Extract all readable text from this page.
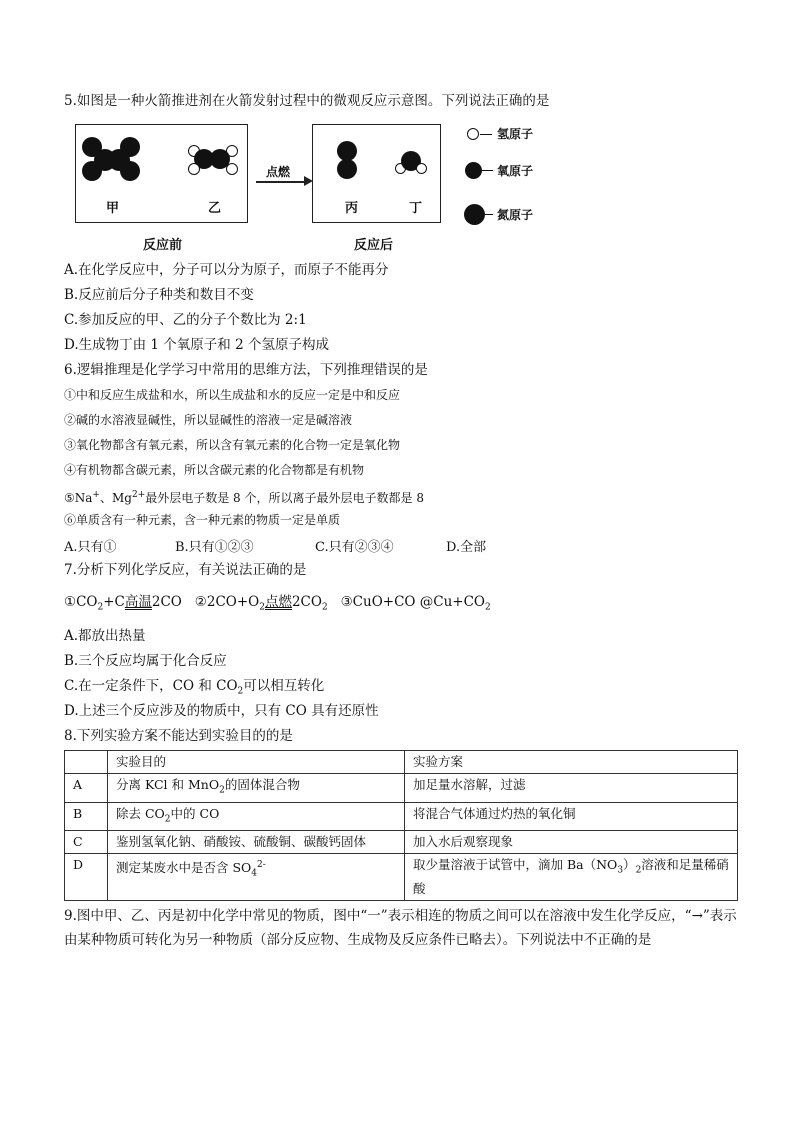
5.如图是一种火箭推进剂在火箭发射过程中的微观反应示意图。下列说法正确的是
甲	乙
点燃
丙	丁
反应前	反应后
氢原子
氧原子
氮原子
A.在化学反应中，分子可以分为原子，而原子不能再分
B.反应前后分子种类和数目不变
C.参加反应的甲、乙的分子个数比为 2:1
D.生成物丁由 1 个氧原子和 2 个氢原子构成
6.逻辑推理是化学学习中常用的思维方法，下列推理错误的是
①中和反应生成盐和水，所以生成盐和水的反应一定是中和反应
②碱的水溶液显碱性，所以显碱性的溶液一定是碱溶液
③氧化物都含有氧元素，所以含有氧元素的化合物一定是氧化物
④有机物都含碳元素，所以含碳元素的化合物都是有机物
⑤Na+、$Mg^{2+}$最外层电子数是 8 个，所以离子最外层电子数都是 8
⑥单质含有一种元素，含一种元素的物质一定是单质
A.只有①	B.只有①②③	C.只有②③④	D.全部
7.分析下列化学反应，有关说法正确的是
$①CO_2+C$高温2CO $②2CO+O_2$点燃$2CO_2$ ③CuO+CO $@Cu+CO_2$
A.都放出热量
B.三个反应均属于化合反应
C.在一定条件下，CO 和 $CO_2$可以相互转化
D.上述三个反应涉及的物质中，只有 CO 具有还原性
8.下列实验方案不能达到实验目的的是
	实验目的	实验方案
A	分离 KCl 和 MnO$_2$的固体混合物	加足量水溶解，过滤
B	除去 $CO_2$中的 CO	将混合气体通过灼热的氧化铜
C	鉴别氢氧化钠、硝酸铵、硫酸铜、碳酸钙固体	加入水后观察现象
D	测定某废水中是否含 $SO_4^{2-}$	取少量溶液于试管中，滴加 $Ba(NO_3)_2$溶液和足量稀硝酸
9.图中甲、乙、丙是初中化学中常见的物质，图中“一”表示相连的物质之间可以在溶液中发生化学反应，“→”表示由某种物质可转化为另一种物质（部分反应物、生成物及反应条件已略去）。下列说法中不正确的是
